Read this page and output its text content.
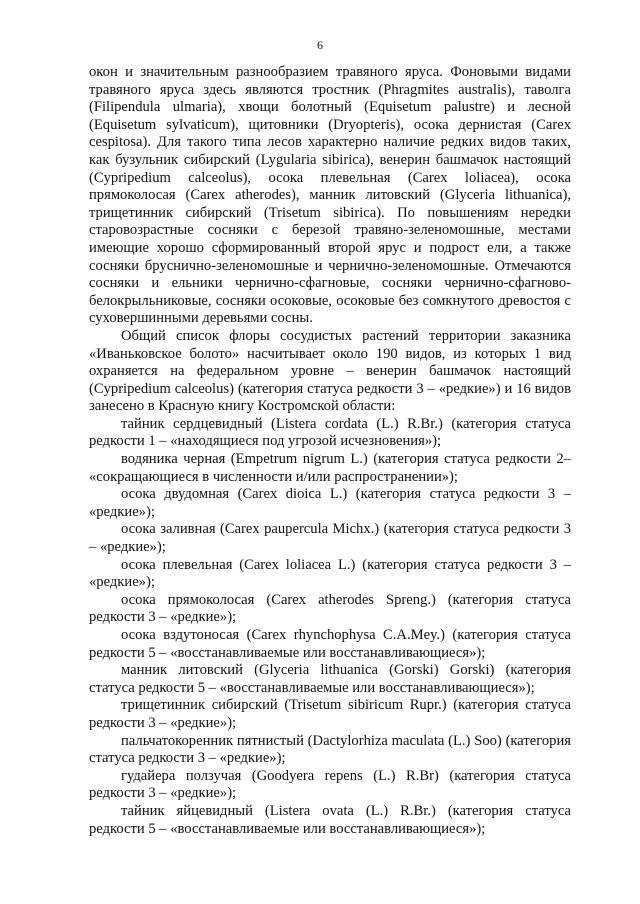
6

окон и значительным разнообразием травяного яруса. Фоновыми видами травяного яруса здесь являются тростник (Phragmites australis), таволга (Filipendula ulmaria), хвощи болотный (Equisetum palustre) и лесной (Equisetum sylvaticum), щитовники (Dryopteris), осока дернистая (Carex cespitosa). Для такого типа лесов характерно наличие редких видов таких, как бузульник сибирский (Lygularia sibirica), венерин башмачок настоящий (Cypripedium calceolus), осока плевельная (Carex loliacea), осока прямоколосая (Carex atherodes), манник литовский (Glyceria lithuanica), трищетинник сибирский (Trisetum sibirica). По повышениям нередки старовозрастные сосняки с березой травяно-зеленомошные, местами имеющие хорошо сформированный второй ярус и подрост ели, а также сосняки бруснично-зеленомошные и чернично-зеленомошные. Отмечаются сосняки и ельники чернично-сфагновые, сосняки чернично-сфагново-белокрыльниковые, сосняки осоковые, осоковые без сомкнутого древостоя с суховершинными деревьями сосны.

Общий список флоры сосудистых растений территории заказника «Иваньковское болото» насчитывает около 190 видов, из которых 1 вид охраняется на федеральном уровне – венерин башмачок настоящий (Cypripedium calceolus) (категория статуса редкости 3 – «редкие») и 16 видов занесено в Красную книгу Костромской области:

тайник сердцевидный (Listera cordata (L.) R.Br.) (категория статуса редкости 1 – «находящиеся под угрозой исчезновения»);

водяника черная (Empetrum nigrum L.) (категория статуса редкости 2– «сокращающиеся в численности и/или распространении»);

осока двудомная (Carex dioica L.) (категория статуса редкости 3 – «редкие»);

осока заливная (Carex paupercula Michx.) (категория статуса редкости 3 – «редкие»);

осока плевельная (Carex loliacea L.) (категория статуса редкости 3 – «редкие»);

осока прямоколосая (Carex atherodes Spreng.) (категория статуса редкости 3 – «редкие»);

осока вздутоносая (Carex rhynchophysa C.A.Mey.) (категория статуса редкости 5 – «восстанавливаемые или восстанавливающиеся»);

манник литовский (Glyceria lithuanica (Gorski) Gorski) (категория статуса редкости 5 – «восстанавливаемые или восстанавливающиеся»);

трищетинник сибирский (Trisetum sibiricum Rupr.) (категория статуса редкости 3 – «редкие»);

пальчатокоренник пятнистый (Dactylorhiza maculata (L.) Soo) (категория статуса редкости 3 – «редкие»);

гудайера ползучая (Goodyera repens (L.) R.Br) (категория статуса редкости 3 – «редкие»);

тайник яйцевидный (Listera ovata (L.) R.Br.) (категория статуса редкости 5 – «восстанавливаемые или восстанавливающиеся»);
